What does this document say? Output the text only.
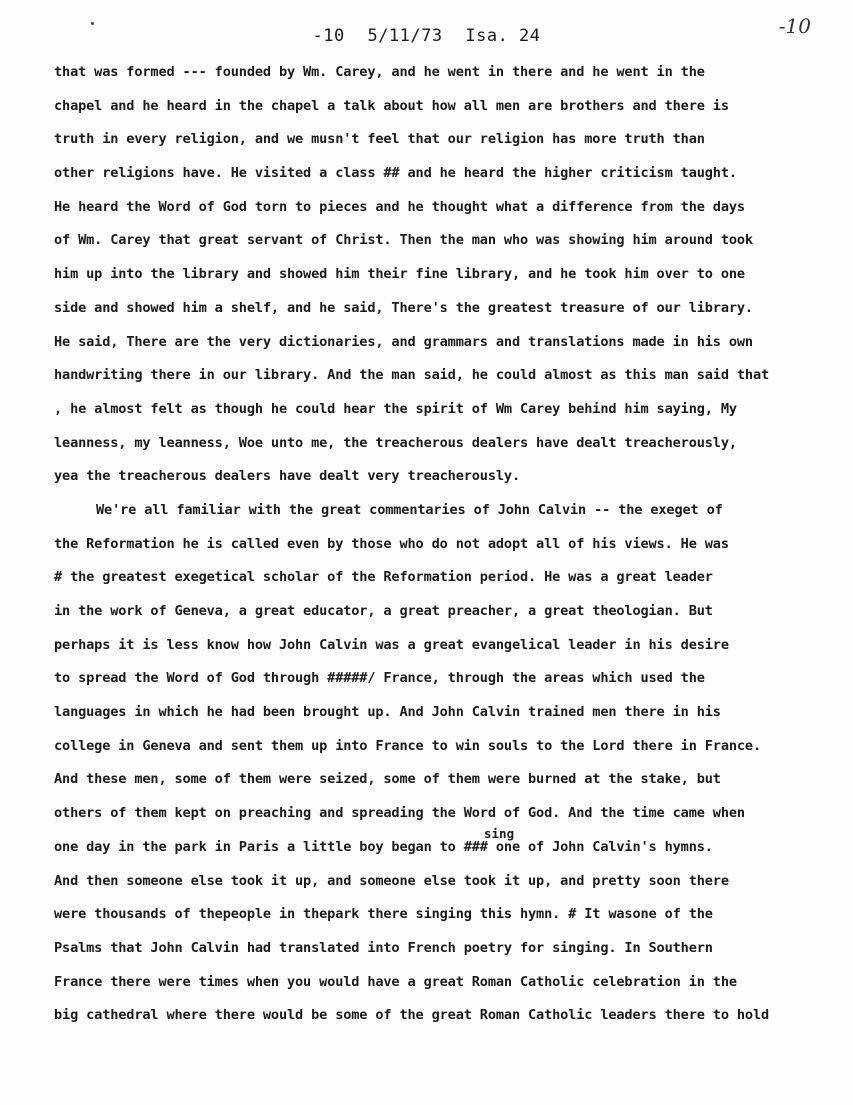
-10 5/11/73 Isa. 24	-10
sing
that was formed --- founded by Wm. Carey, and he went in there and he went in the
chapel and he heard in the chapel a talk about how all men are brothers and there is
truth in every religion, and we musn't feel that our religion has more truth than
other religions have. He visited a class ## and he heard the higher criticism taught.
He heard the Word of God torn to pieces and he thought what a difference from the days
of Wm. Carey that great servant of Christ. Then the man who was showing him around took
him up into the library and showed him their fine library, and he took him over to one
side and showed him a shelf, and he said, There's the greatest treasure of our library.
He said, There are the very dictionaries, and grammars and translations made in his own
handwriting there in our library. And the man said, he could almost as this man said that
, he almost felt as though he could hear the spirit of Wm Carey behind him saying, My
leanness, my leanness, Woe unto me, the treacherous dealers have dealt treacherously,
yea the treacherous dealers have dealt very treacherously.
We're all familiar with the great commentaries of John Calvin -- the exeget of
the Reformation he is called even by those who do not adopt all of his views. He was
# the greatest exegetical scholar of the Reformation period. He was a great leader
in the work of Geneva, a great educator, a great preacher, a great theologian. But
perhaps it is less know how John Calvin was a great evangelical leader in his desire
to spread the Word of God through #####/ France, through the areas which used the
languages in which he had been brought up. And John Calvin trained men there in his
college in Geneva and sent them up into France to win souls to the Lord there in France.
And these men, some of them were seized, some of them were burned at the stake, but
others of them kept on preaching and spreading the Word of God. And the time came when
one day in the park in Paris a little boy began to ### one of John Calvin's hymns.
And then someone else took it up, and someone else took it up, and pretty soon there
were thousands of thepeople in thepark there singing this hymn. # It wasone of the
Psalms that John Calvin had translated into French poetry for singing. In Southern
France there were times when you would have a great Roman Catholic celebration in the
big cathedral where there would be some of the great Roman Catholic leaders there to hold
